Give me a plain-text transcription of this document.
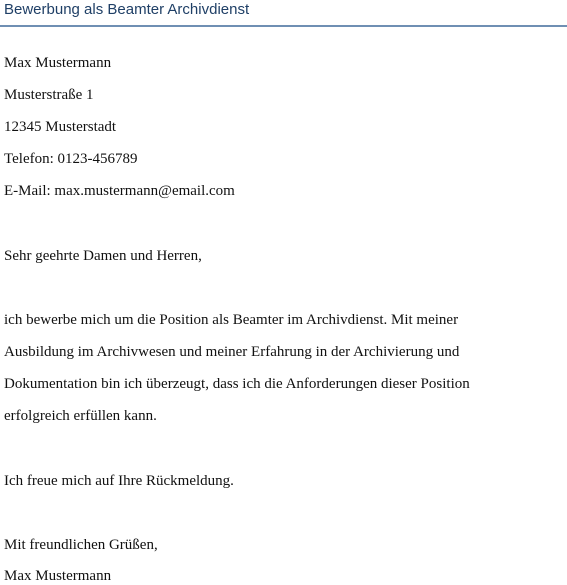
Bewerbung als Beamter Archivdienst
Max Mustermann
Musterstraße 1
12345 Musterstadt
Telefon: 0123-456789
E-Mail: max.mustermann@email.com
Sehr geehrte Damen und Herren,
ich bewerbe mich um die Position als Beamter im Archivdienst. Mit meiner
Ausbildung im Archivwesen und meiner Erfahrung in der Archivierung und
Dokumentation bin ich überzeugt, dass ich die Anforderungen dieser Position
erfolgreich erfüllen kann.
Ich freue mich auf Ihre Rückmeldung.
Mit freundlichen Grüßen,
Max Mustermann
